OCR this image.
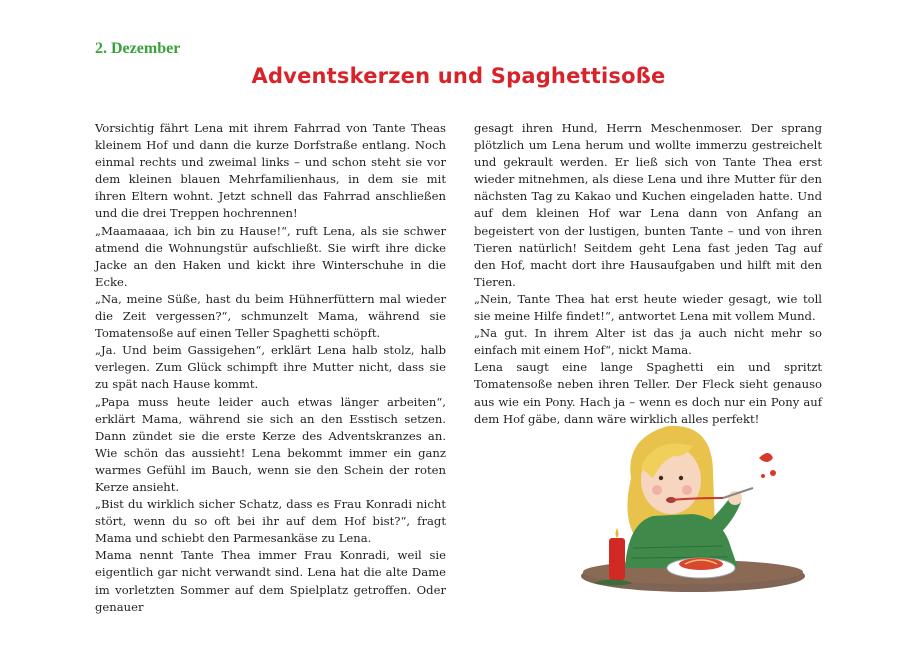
2. Dezember
Adventskerzen und Spaghettisoße

Vorsichtig fährt Lena mit ihrem Fahrrad von Tante Theas kleinem Hof und dann die kurze Dorfstraße entlang. Noch einmal rechts und zweimal links – und schon steht sie vor dem kleinen blauen Mehrfamilienhaus, in dem sie mit ihren Eltern wohnt. Jetzt schnell das Fahrrad anschließen und die drei Treppen hochrennen!

„Maamaaaa, ich bin zu Hause!“, ruft Lena, als sie schwer atmend die Wohnungstür aufschließt. Sie wirft ihre dicke Jacke an den Haken und kickt ihre Winterschuhe in die Ecke.

„Na, meine Süße, hast du beim Hühnerfüttern mal wieder die Zeit vergessen?“, schmunzelt Mama, während sie Tomatensoße auf einen Teller Spaghetti schöpft.

„Ja. Und beim Gassigehen“, erklärt Lena halb stolz, halb verlegen. Zum Glück schimpft ihre Mutter nicht, dass sie zu spät nach Hause kommt.

„Papa muss heute leider auch etwas länger arbeiten“, erklärt Mama, während sie sich an den Esstisch setzen. Dann zündet sie die erste Kerze des Adventskranzes an. Wie schön das aussieht! Lena bekommt immer ein ganz warmes Gefühl im Bauch, wenn sie den Schein der roten Kerze ansieht.

„Bist du wirklich sicher Schatz, dass es Frau Konradi nicht stört, wenn du so oft bei ihr auf dem Hof bist?“, fragt Mama und schiebt den Parmesankäse zu Lena.

Mama nennt Tante Thea immer Frau Konradi, weil sie eigentlich gar nicht verwandt sind. Lena hat die alte Dame im vorletzten Sommer auf dem Spielplatz getroffen. Oder genauer

gesagt ihren Hund, Herrn Meschenmoser. Der sprang plötzlich um Lena herum und wollte immerzu gestreichelt und gekrault werden. Er ließ sich von Tante Thea erst wieder mitnehmen, als diese Lena und ihre Mutter für den nächsten Tag zu Kakao und Kuchen eingeladen hatte. Und auf dem kleinen Hof war Lena dann von Anfang an begeistert von der lustigen, bunten Tante – und von ihren Tieren natürlich! Seitdem geht Lena fast jeden Tag auf den Hof, macht dort ihre Hausaufgaben und hilft mit den Tieren.

„Nein, Tante Thea hat erst heute wieder gesagt, wie toll sie meine Hilfe findet!“, antwortet Lena mit vollem Mund.

„Na gut. In ihrem Alter ist das ja auch nicht mehr so einfach mit einem Hof“, nickt Mama.

Lena saugt eine lange Spaghetti ein und spritzt Tomatensoße neben ihren Teller. Der Fleck sieht genauso aus wie ein Pony. Hach ja – wenn es doch nur ein Pony auf dem Hof gäbe, dann wäre wirklich alles perfekt!
